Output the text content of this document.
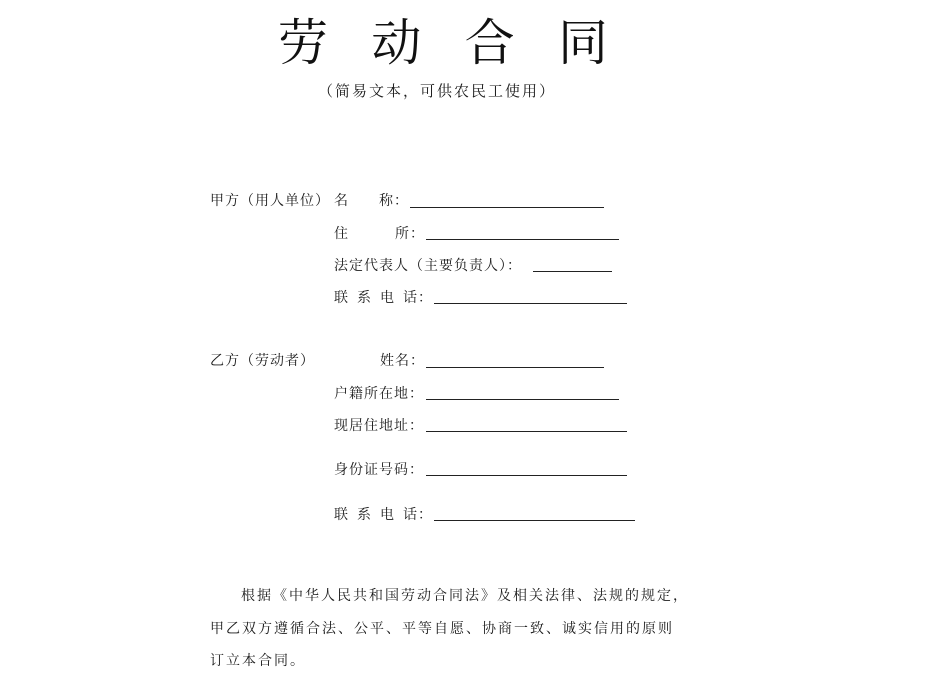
劳 动 合 同
（简易文本，可供农民工使用）
甲方（用人单位） 名 称 ：
住	所 ：
法定代表人（主要负责人）：
联 系 电 话 ：
乙方（劳动者）	姓名：
户籍所在地：
现居住地址：
身份证号码：
联 系 电 话 ：
根据《中华人民共和国劳动合同法》及相关法律、法规的规定，
甲乙双方遵循合法、公平、平等自愿、协商一致、诚实信用的原则
订立本合同。
